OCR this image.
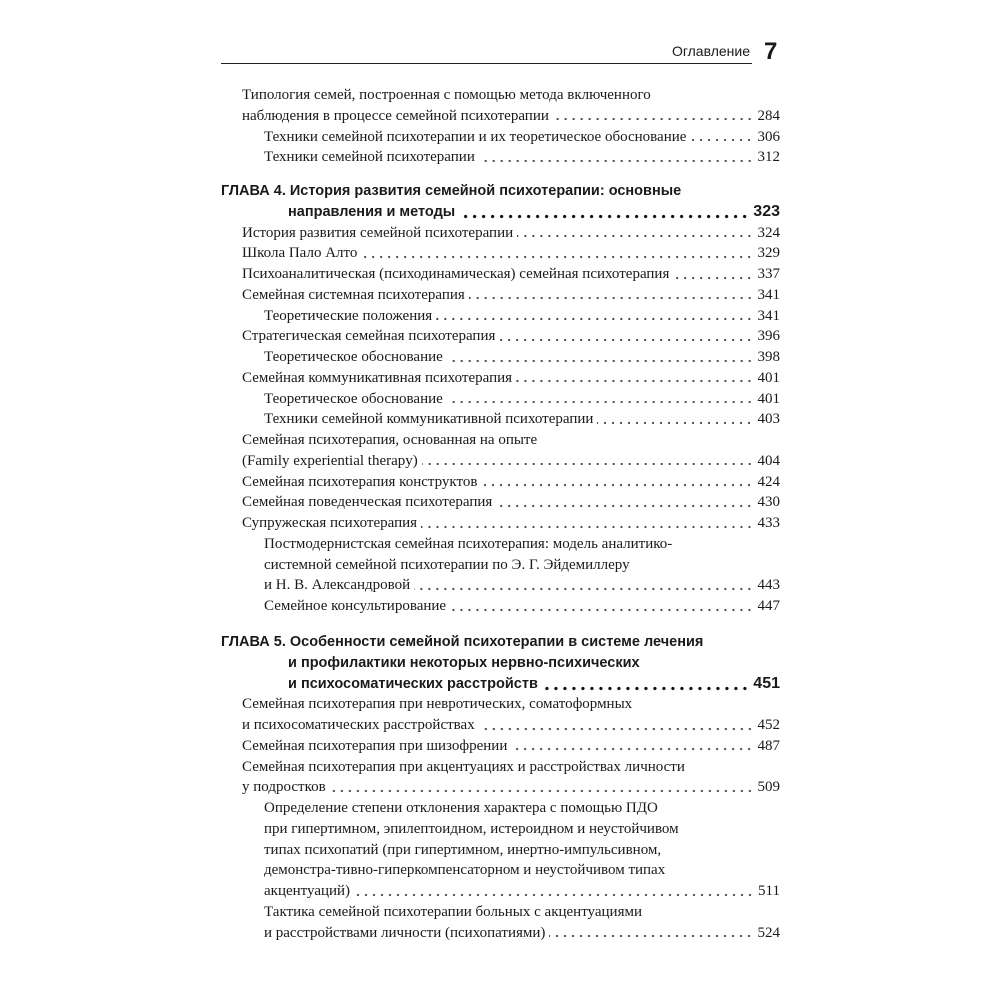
Оглавление 7
Типология семей, построенная с помощью метода включенного
наблюдения в процессе семейной психотерапии	284
Техники семейной психотерапии и их теоретическое обоснование	306
Техники семейной психотерапии	312
ГЛАВА 4. История развития семейной психотерапии: основные
направления и методы	323
История развития семейной психотерапии	324
Школа Пало Алто	329
Психоаналитическая (психодинамическая) семейная психотерапия	337
Семейная системная психотерапия	341
Теоретические положения	341
Стратегическая семейная психотерапия	396
Теоретическое обоснование	398
Семейная коммуникативная психотерапия	401
Теоретическое обоснование	401
Техники семейной коммуникативной психотерапии	403
Семейная психотерапия, основанная на опыте
(Family experiential therapy)	404
Семейная психотерапия конструктов	424
Семейная поведенческая психотерапия	430
Супружеская психотерапия	433
Постмодернистская семейная психотерапия: модель аналитико-
системной семейной психотерапии по Э. Г. Эйдемиллеру
и Н. В. Александровой	443
Семейное консультирование	447
ГЛАВА 5. Особенности семейной психотерапии в системе лечения
и профилактики некоторых нервно-психических
и психосоматических расстройств	451
Семейная психотерапия при невротических, соматоформных
и психосоматических расстройствах	452
Семейная психотерапия при шизофрении	487
Семейная психотерапия при акцентуациях и расстройствах личности
у подростков	509
Определение степени отклонения характера с помощью ПДО
при гипертимном, эпилептоидном, истероидном и неустойчивом
типах психопатий (при гипертимном, инертно-импульсивном,
демонстра-тивно-гиперкомпенсаторном и неустойчивом типах
акцентуаций)	511
Тактика семейной психотерапии больных с акцентуациями
и расстройствами личности (психопатиями)	524
